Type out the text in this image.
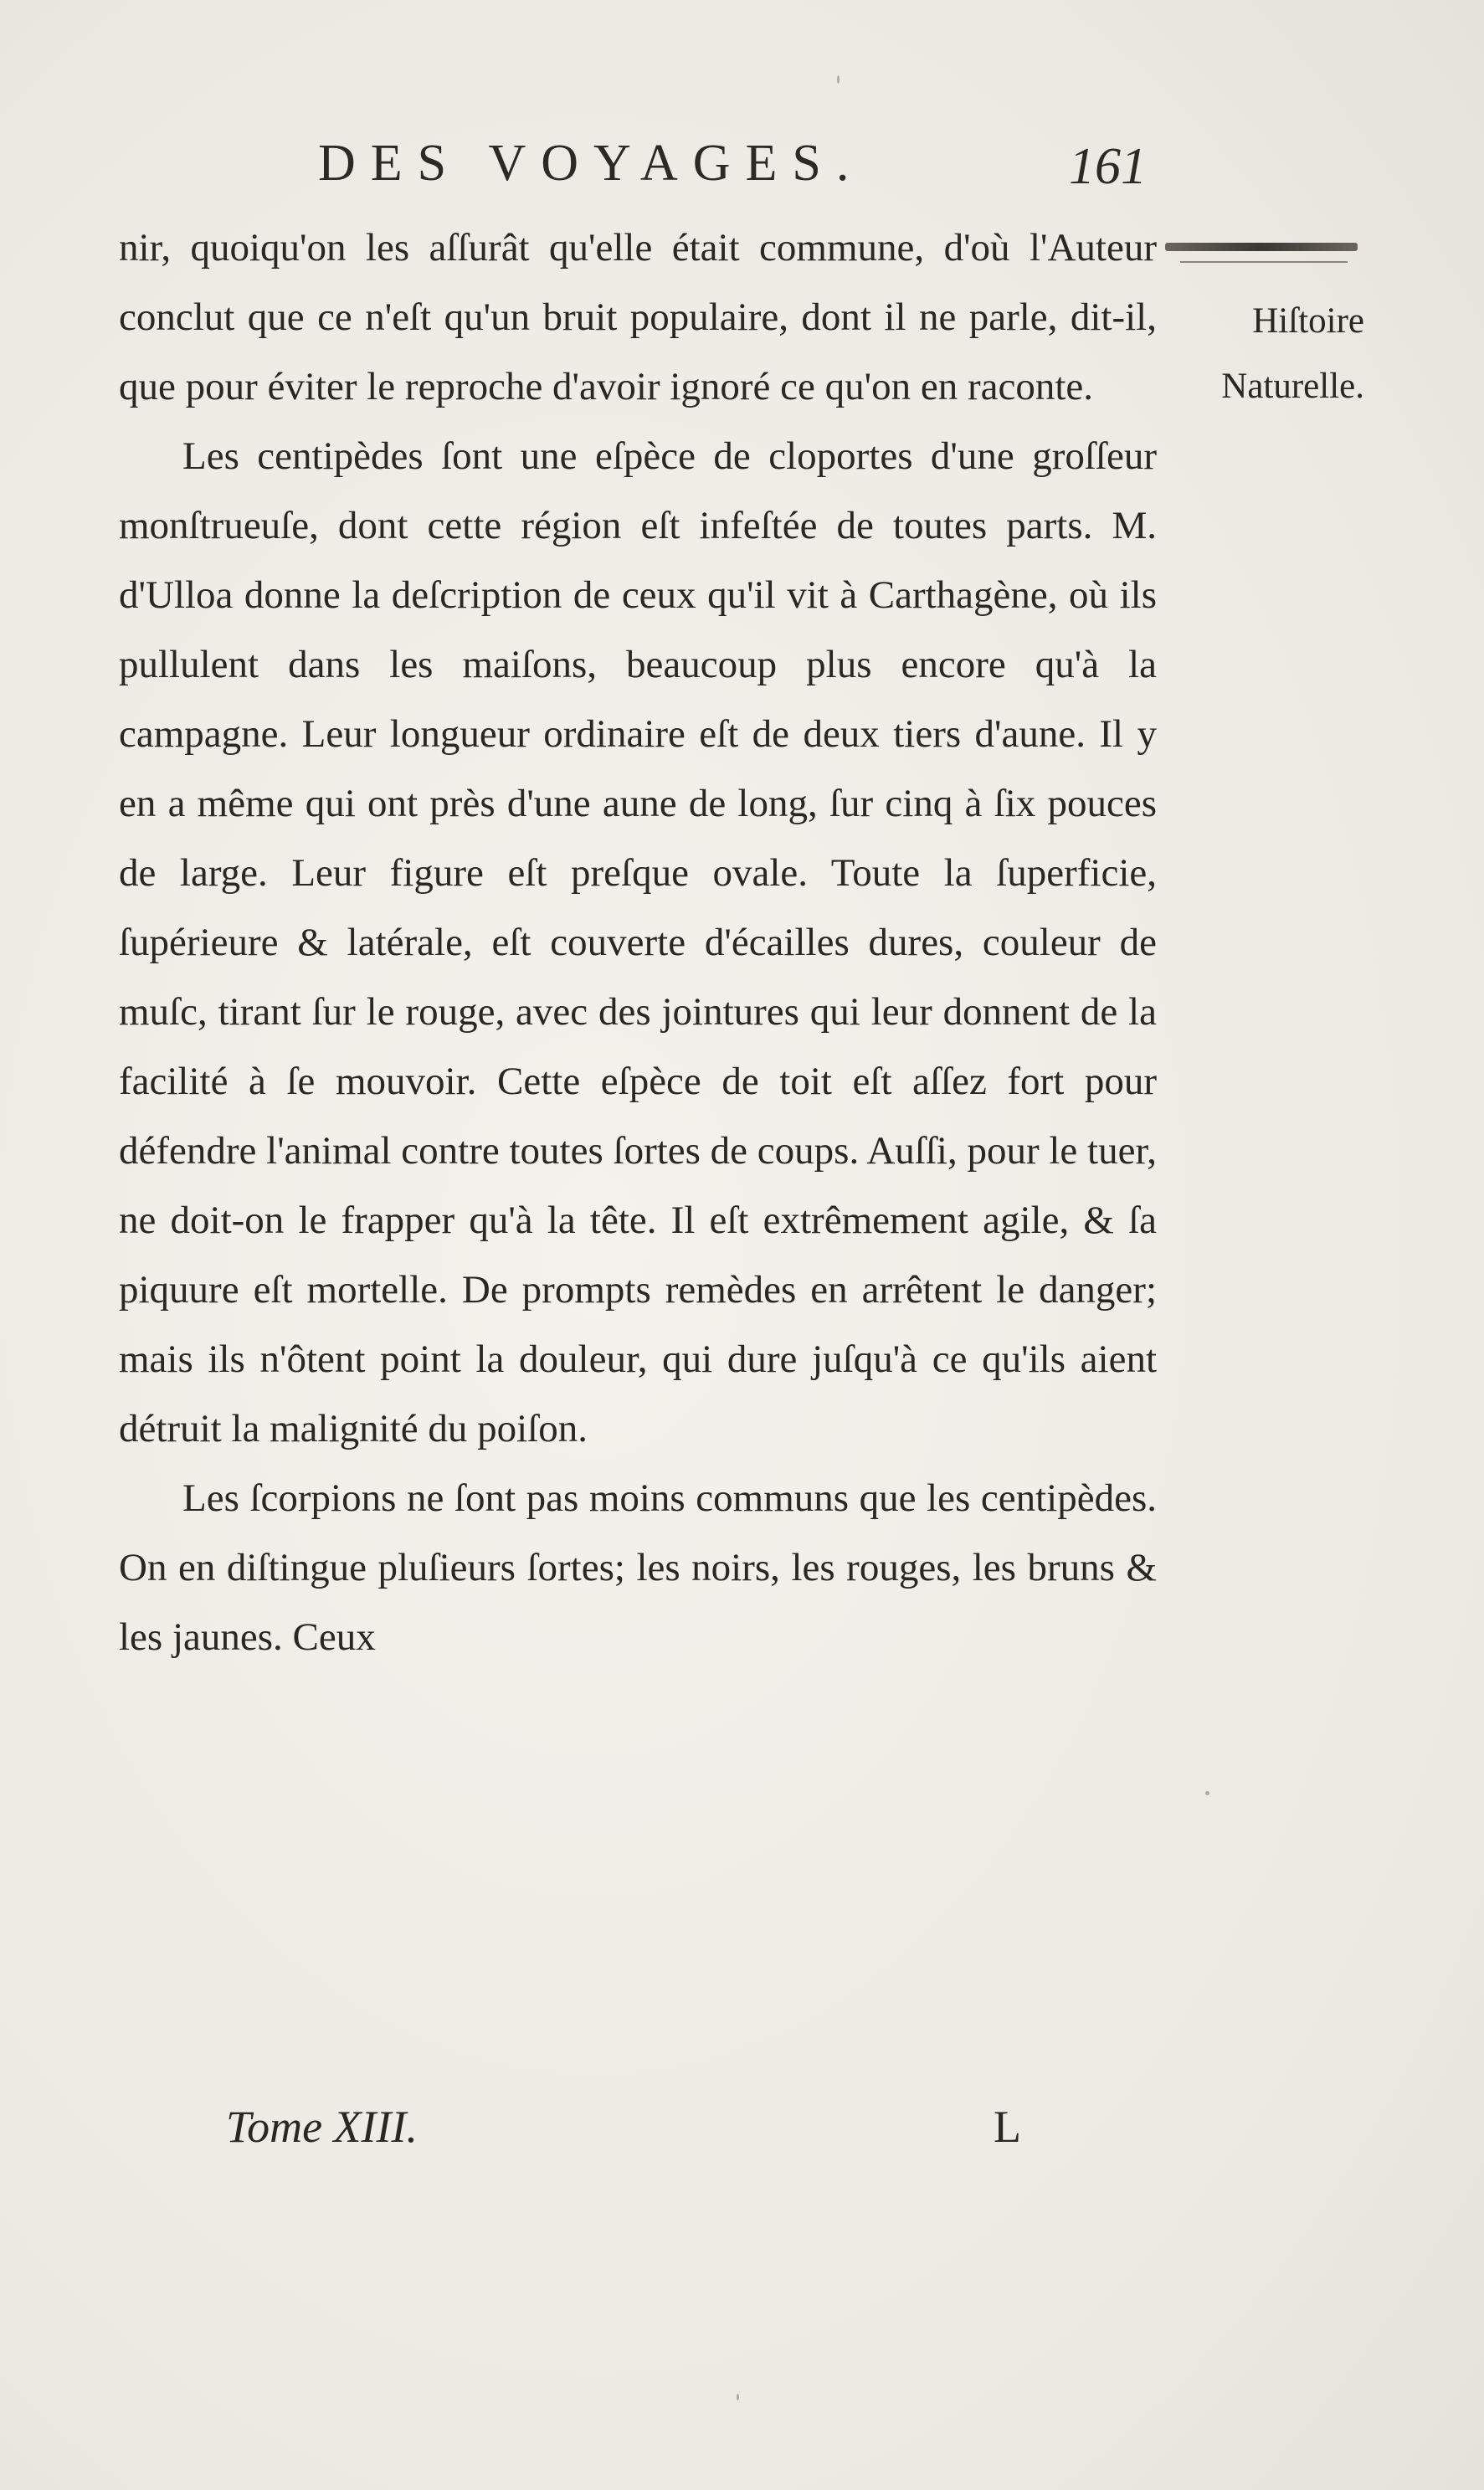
DES VOYAGES.	161
Hiſtoire
Naturelle.

nir, quoiqu'on les aſſurât qu'elle était commune, d'où l'Auteur conclut que ce n'eſt qu'un bruit populaire, dont il ne parle, dit-il, que pour éviter le reproche d'avoir ignoré ce qu'on en raconte.

Les centipèdes ſont une eſpèce de cloportes d'une groſſeur monſtrueuſe, dont cette région eſt infeſtée de toutes parts. M. d'Ulloa donne la deſcription de ceux qu'il vit à Carthagène, où ils pullulent dans les maiſons, beaucoup plus encore qu'à la campagne. Leur longueur ordinaire eſt de deux tiers d'aune. Il y en a même qui ont près d'une aune de long, ſur cinq à ſix pouces de large. Leur figure eſt preſque ovale. Toute la ſuperficie, ſupérieure & latérale, eſt couverte d'écailles dures, couleur de muſc, tirant ſur le rouge, avec des jointures qui leur donnent de la facilité à ſe mouvoir. Cette eſpèce de toit eſt aſſez fort pour défendre l'animal contre toutes ſortes de coups. Auſſi, pour le tuer, ne doit-on le frapper qu'à la tête. Il eſt extrêmement agile, & ſa piquure eſt mortelle. De prompts remèdes en arrêtent le danger; mais ils n'ôtent point la douleur, qui dure juſqu'à ce qu'ils aient détruit la malignité du poiſon.

Les ſcorpions ne ſont pas moins communs que les centipèdes. On en diſtingue pluſieurs ſortes; les noirs, les rouges, les bruns & les jaunes. Ceux

Tome XIII.	L
